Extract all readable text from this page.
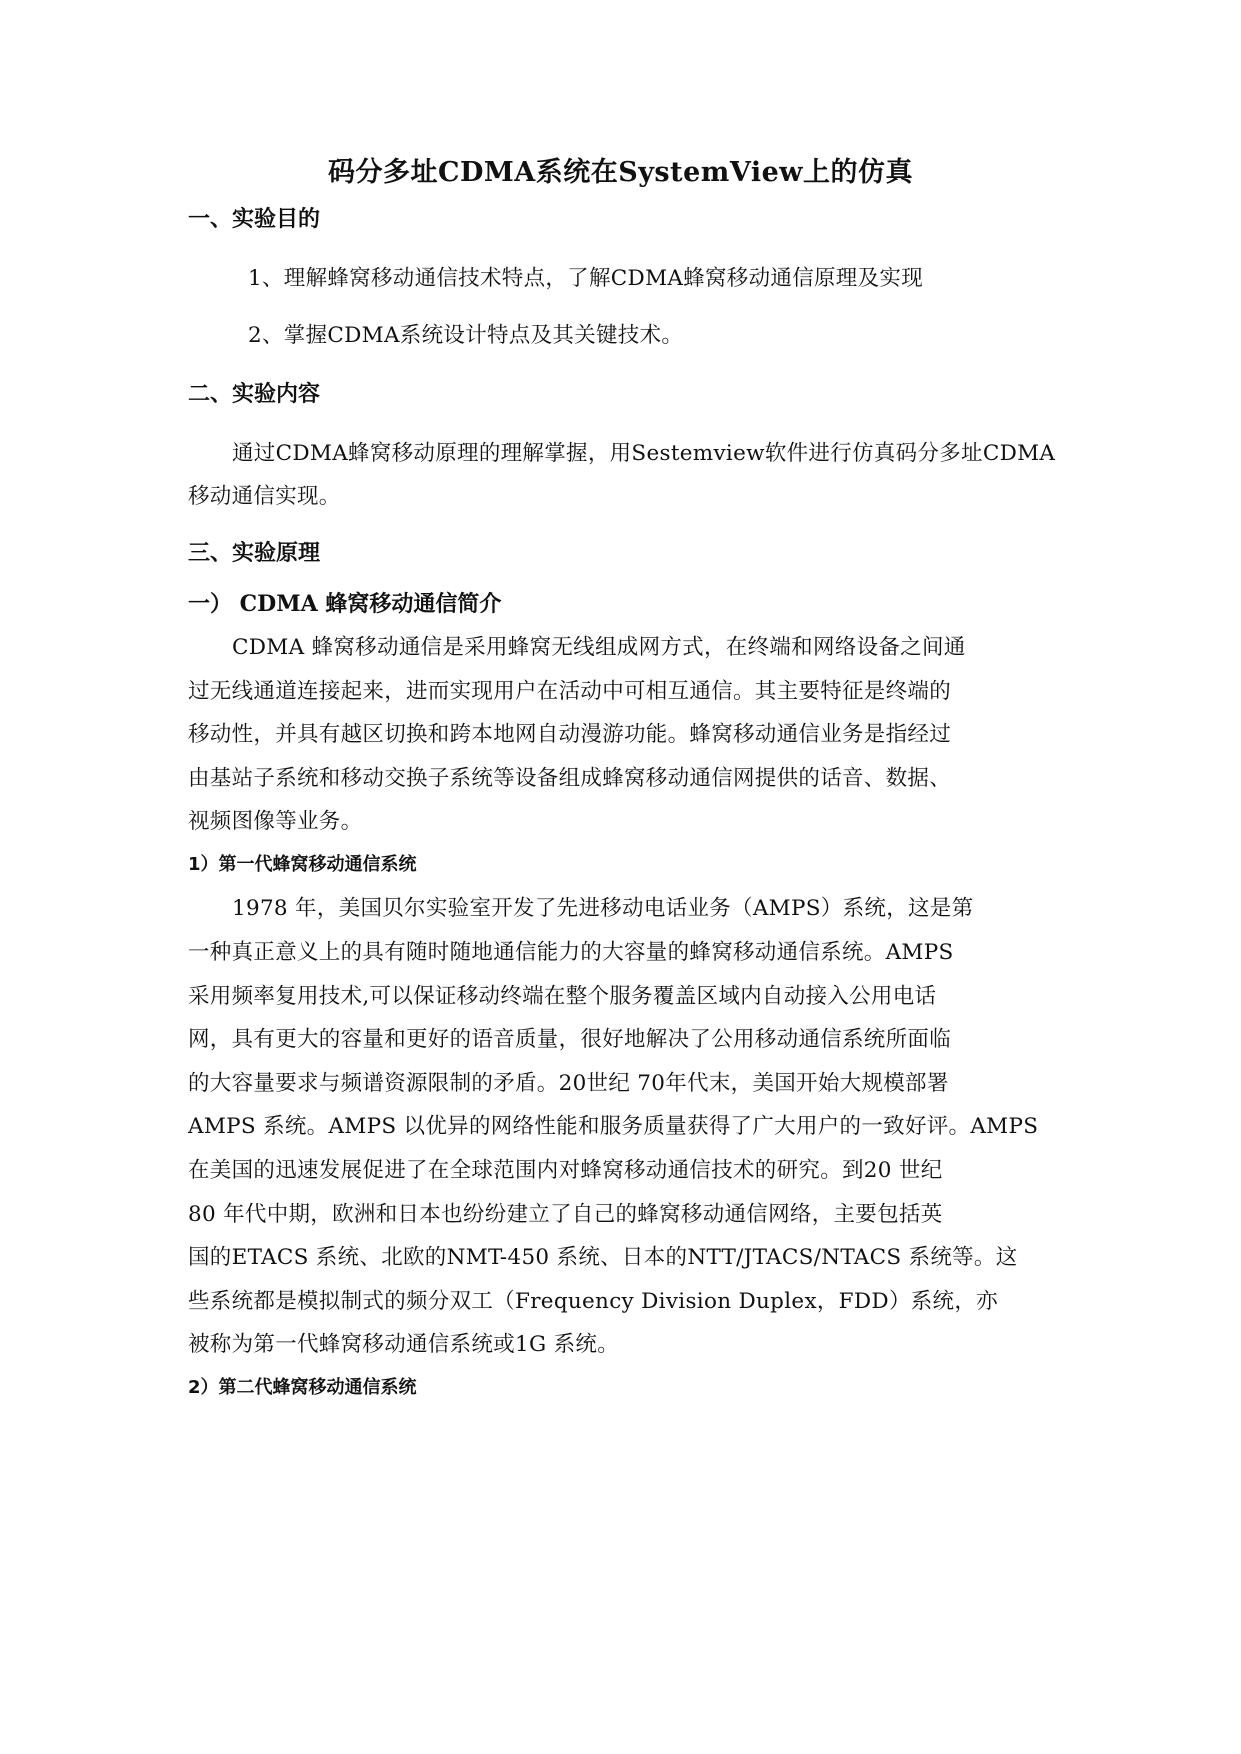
码分多址CDMA系统在SystemView上的仿真
一、实验目的
1、理解蜂窝移动通信技术特点，了解CDMA蜂窝移动通信原理及实现
2、掌握CDMA系统设计特点及其关键技术。
二、实验内容
通过CDMA蜂窝移动原理的理解掌握，用Sestemview软件进行仿真码分多址CDMA
移动通信实现。
三、实验原理
一） CDMA 蜂窝移动通信简介
CDMA 蜂窝移动通信是采用蜂窝无线组成网方式，在终端和网络设备之间通
过无线通道连接起来，进而实现用户在活动中可相互通信。其主要特征是终端的
移动性，并具有越区切换和跨本地网自动漫游功能。蜂窝移动通信业务是指经过
由基站子系统和移动交换子系统等设备组成蜂窝移动通信网提供的话音、数据、
视频图像等业务。
1）第一代蜂窝移动通信系统
1978 年，美国贝尔实验室开发了先进移动电话业务（AMPS）系统，这是第
一种真正意义上的具有随时随地通信能力的大容量的蜂窝移动通信系统。AMPS
采用频率复用技术,可以保证移动终端在整个服务覆盖区域内自动接入公用电话
网，具有更大的容量和更好的语音质量，很好地解决了公用移动通信系统所面临
的大容量要求与频谱资源限制的矛盾。20世纪 70年代末，美国开始大规模部署
AMPS 系统。AMPS 以优异的网络性能和服务质量获得了广大用户的一致好评。AMPS
在美国的迅速发展促进了在全球范围内对蜂窝移动通信技术的研究。到20 世纪
80 年代中期，欧洲和日本也纷纷建立了自己的蜂窝移动通信网络，主要包括英
国的ETACS 系统、北欧的NMT-450 系统、日本的NTT/JTACS/NTACS 系统等。这
些系统都是模拟制式的频分双工（Frequency Division Duplex，FDD）系统，亦
被称为第一代蜂窝移动通信系统或1G 系统。
2）第二代蜂窝移动通信系统
